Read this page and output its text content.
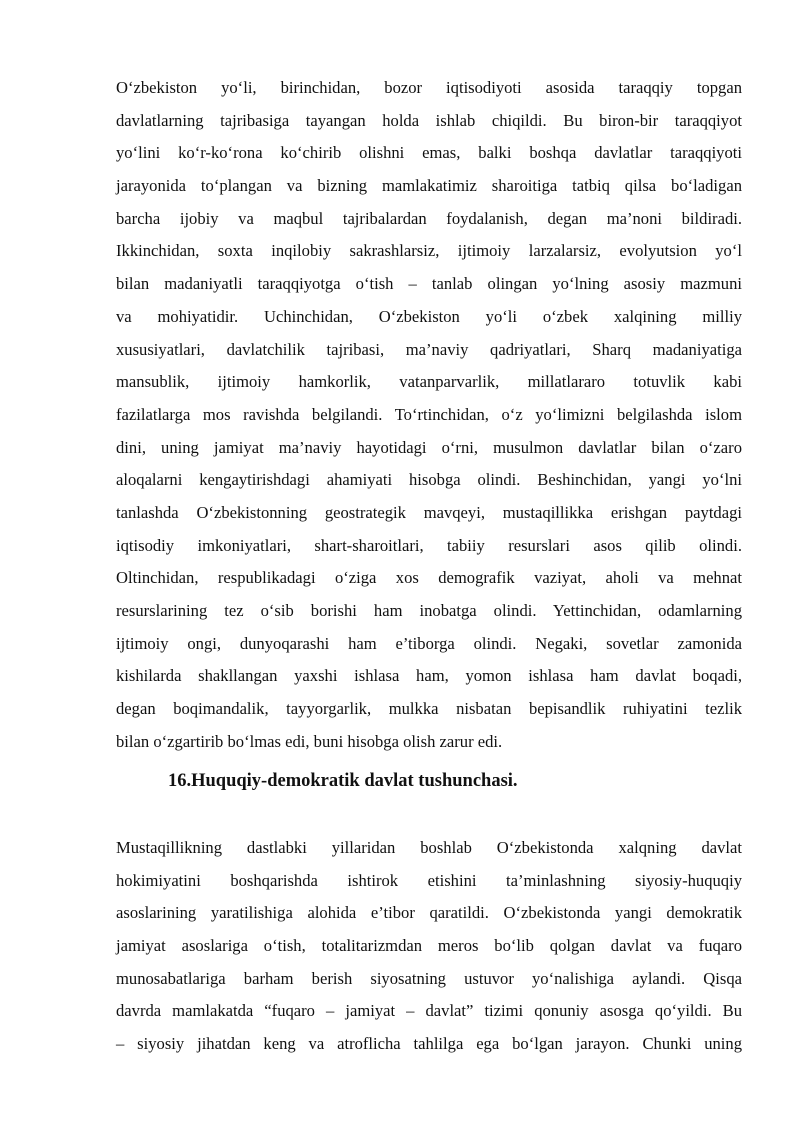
O‘zbekiston yo‘li, birinchidan, bozor iqtisodiyoti asosida taraqqiy topgan
davlatlarning tajribasiga tayangan holda ishlab chiqildi. Bu biron-bir taraqqiyot
yo‘lini ko‘r-ko‘rona ko‘chirib olishni emas, balki boshqa davlatlar taraqqiyoti
jarayonida to‘plangan va bizning mamlakatimiz sharoitiga tatbiq qilsa bo‘ladigan
barcha ijobiy va maqbul tajribalardan foydalanish, degan ma’noni bildiradi.
Ikkinchidan, soxta inqilobiy sakrashlarsiz, ijtimoiy larzalarsiz, evolyutsion yo‘l
bilan madaniyatli taraqqiyotga o‘tish – tanlab olingan yo‘lning asosiy mazmuni
va mohiyatidir. Uchinchidan, O‘zbekiston yo‘li o‘zbek xalqining milliy
xususiyatlari, davlatchilik tajribasi, ma’naviy qadriyatlari, Sharq madaniyatiga
mansublik, ijtimoiy hamkorlik, vatanparvarlik, millatlararo totuvlik kabi
fazilatlarga mos ravishda belgilandi. To‘rtinchidan, o‘z yo‘limizni belgilashda islom
dini, uning jamiyat ma’naviy hayotidagi o‘rni, musulmon davlatlar bilan o‘zaro
aloqalarni kengaytirishdagi ahamiyati hisobga olindi. Beshinchidan, yangi yo‘lni
tanlashda O‘zbekistonning geostrategik mavqeyi, mustaqillikka erishgan paytdagi
iqtisodiy imkoniyatlari, shart-sharoitlari, tabiiy resurslari asos qilib olindi.
Oltinchidan, respublikadagi o‘ziga xos demografik vaziyat, aholi va mehnat
resurslarining tez o‘sib borishi ham inobatga olindi. Yettinchidan, odamlarning
ijtimoiy ongi, dunyoqarashi ham e’tiborga olindi. Negaki, sovetlar zamonida
kishilarda shakllangan yaxshi ishlasa ham, yomon ishlasa ham davlat boqadi,
degan boqimandalik, tayyorgarlik, mulkka nisbatan bepisandlik ruhiyatini tezlik
bilan o‘zgartirib bo‘lmas edi, buni hisobga olish zarur edi.
16.Huquqiy-demokratik davlat tushunchasi.
Mustaqillikning dastlabki yillaridan boshlab O‘zbekistonda xalqning davlat
hokimiyatini boshqarishda ishtirok etishini ta’minlashning siyosiy-huquqiy
asoslarining yaratilishiga alohida e’tibor qaratildi. O‘zbekistonda yangi demokratik
jamiyat asoslariga o‘tish, totalitarizmdan meros bo‘lib qolgan davlat va fuqaro
munosabatlariga barham berish siyosatning ustuvor yo‘nalishiga aylandi. Qisqa
davrda mamlakatda “fuqaro – jamiyat – davlat” tizimi qonuniy asosga qo‘yildi. Bu
– siyosiy jihatdan keng va atroflicha tahlilga ega bo‘lgan jarayon. Chunki uning
